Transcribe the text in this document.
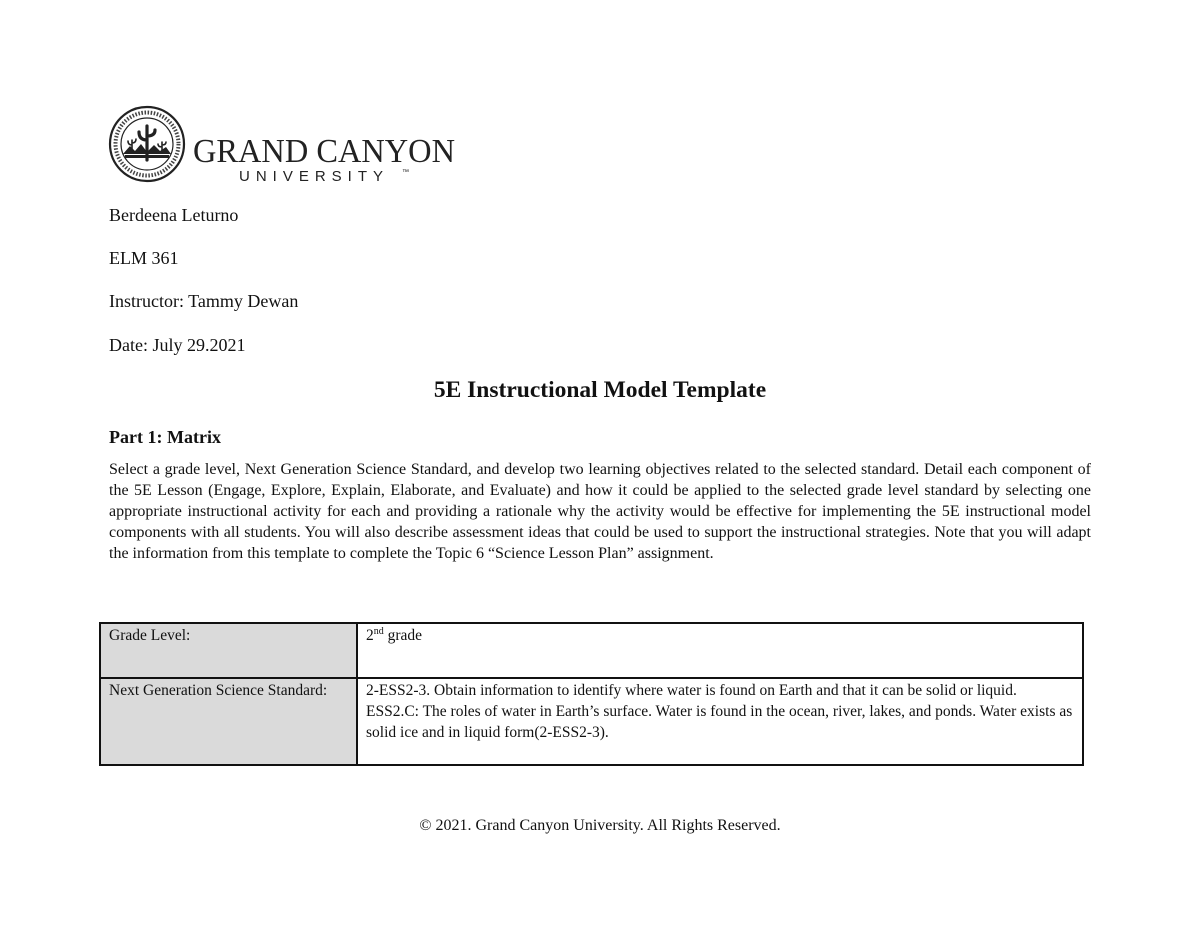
GRAND CANYON
UNIVERSITY ™
Berdeena Leturno
ELM 361
Instructor: Tammy Dewan
Date: July 29.2021
5E Instructional Model Template
Part 1: Matrix
Select a grade level, Next Generation Science Standard, and develop two learning objectives related to the selected standard. Detail each component of the 5E Lesson (Engage, Explore, Explain, Elaborate, and Evaluate) and how it could be applied to the selected grade level standard by selecting one appropriate instructional activity for each and providing a rationale why the activity would be effective for implementing the 5E instructional model components with all students. You will also describe assessment ideas that could be used to support the instructional strategies. Note that you will adapt the information from this template to complete the Topic 6 “Science Lesson Plan” assignment.
Grade Level:	2nd grade
Next Generation Science Standard:	2-ESS2-3. Obtain information to identify where water is found on Earth and that it can be solid or liquid.
ESS2.C: The roles of water in Earth’s surface. Water is found in the ocean, river, lakes, and ponds. Water exists as solid ice and in liquid form(2-ESS2-3).
© 2021. Grand Canyon University. All Rights Reserved.
